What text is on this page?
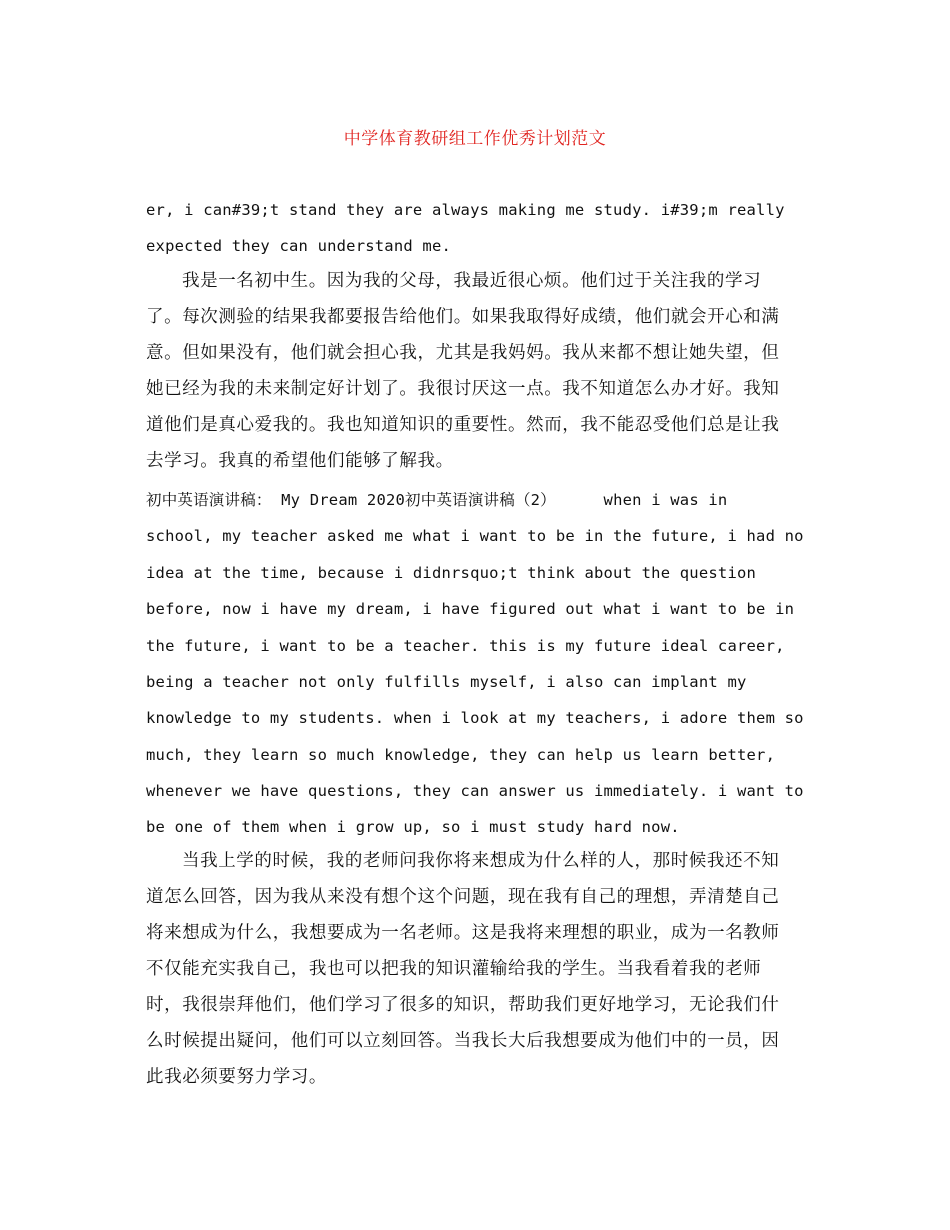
中学体育教研组工作优秀计划范文
er, i can#39;t stand they are always making me study. i#39;m really
expected they can understand me.
我是一名初中生。因为我的父母，我最近很心烦。他们过于关注我的学习
了。每次测验的结果我都要报告给他们。如果我取得好成绩，他们就会开心和满
意。但如果没有，他们就会担心我，尤其是我妈妈。我从来都不想让她失望，但
她已经为我的未来制定好计划了。我很讨厌这一点。我不知道怎么办才好。我知
道他们是真心爱我的。我也知道知识的重要性。然而，我不能忍受他们总是让我
去学习。我真的希望他们能够了解我。
初中英语演讲稿： My Dream 2020初中英语演讲稿（2）     when i was in
school, my teacher asked me what i want to be in the future, i had no
idea at the time, because i didnrsquo;t think about the question
before, now i have my dream, i have figured out what i want to be in
the future, i want to be a teacher. this is my future ideal career,
being a teacher not only fulfills myself, i also can implant my
knowledge to my students. when i look at my teachers, i adore them so
much, they learn so much knowledge, they can help us learn better,
whenever we have questions, they can answer us immediately. i want to
be one of them when i grow up, so i must study hard now.
当我上学的时候，我的老师问我你将来想成为什么样的人，那时候我还不知
道怎么回答，因为我从来没有想个这个问题，现在我有自己的理想，弄清楚自己
将来想成为什么，我想要成为一名老师。这是我将来理想的职业，成为一名教师
不仅能充实我自己，我也可以把我的知识灌输给我的学生。当我看着我的老师
时，我很崇拜他们，他们学习了很多的知识，帮助我们更好地学习，无论我们什
么时候提出疑问，他们可以立刻回答。当我长大后我想要成为他们中的一员，因
此我必须要努力学习。
